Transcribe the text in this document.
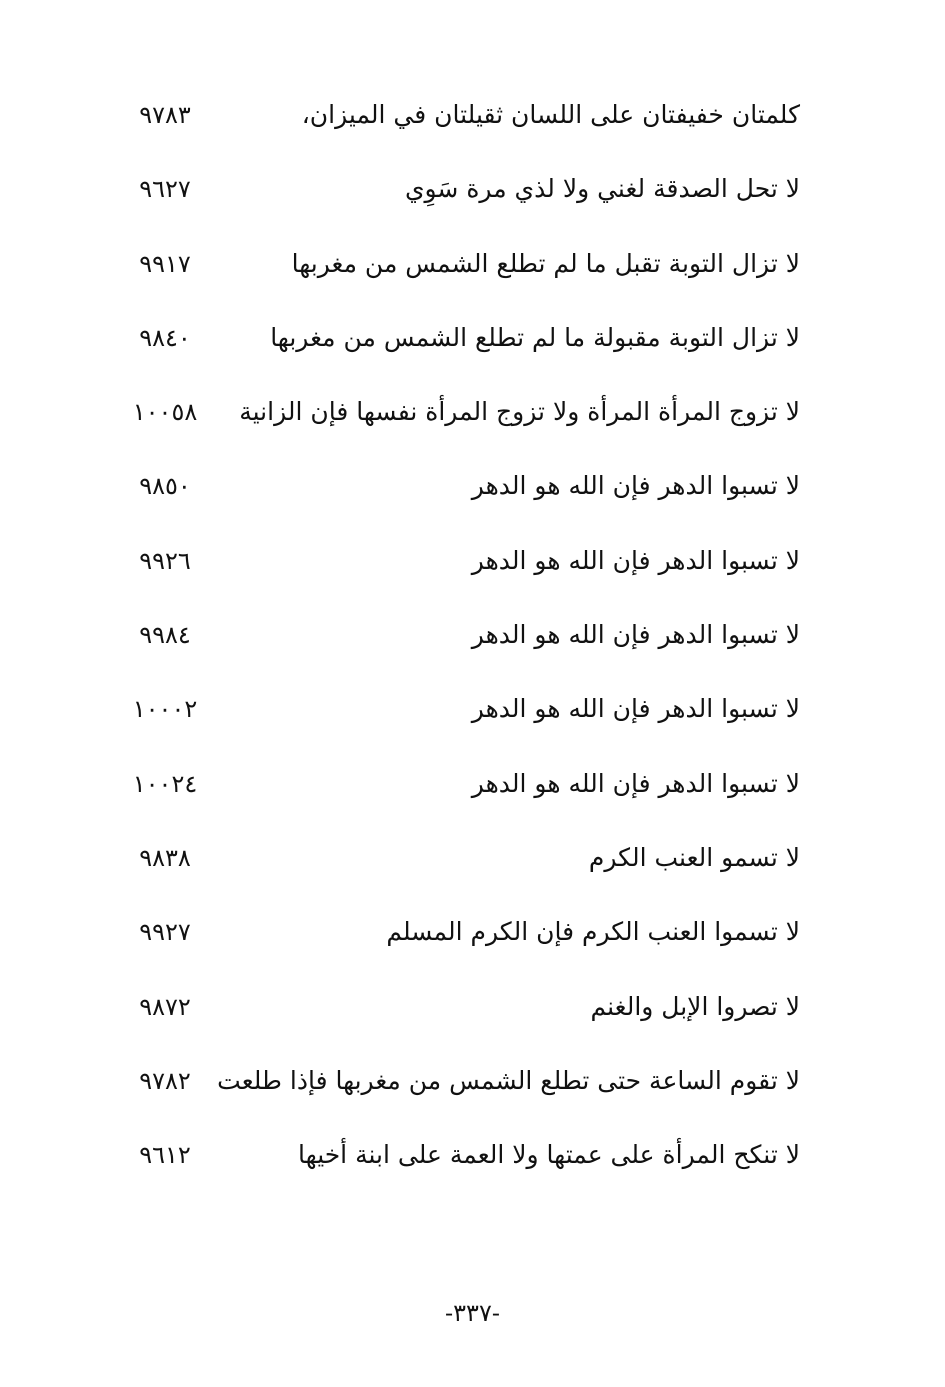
كلمتان خفيفتان على اللسان ثقيلتان في الميزان،
٩٧٨٣
لا تحل الصدقة لغني ولا لذي مرة سَوِي
٩٦٢٧
لا تزال التوبة تقبل ما لم تطلع الشمس من مغربها
٩٩١٧
لا تزال التوبة مقبولة ما لم تطلع الشمس من مغربها
٩٨٤٠
لا تزوج المرأة المرأة ولا تزوج المرأة نفسها فإن الزانية
١٠٠٥٨
لا تسبوا الدهر فإن الله هو الدهر
٩٨٥٠
لا تسبوا الدهر فإن الله هو الدهر
٩٩٢٦
لا تسبوا الدهر فإن الله هو الدهر
٩٩٨٤
لا تسبوا الدهر فإن الله هو الدهر
١٠٠٠٢
لا تسبوا الدهر فإن الله هو الدهر
١٠٠٢٤
لا تسمو العنب الكرم
٩٨٣٨
لا تسموا العنب الكرم فإن الكرم المسلم
٩٩٢٧
لا تصروا الإبل والغنم
٩٨٧٢
لا تقوم الساعة حتى تطلع الشمس من مغربها فإذا طلعت
٩٧٨٢
لا تنكح المرأة على عمتها ولا العمة على ابنة أخيها
٩٦١٢
-٣٣٧-
